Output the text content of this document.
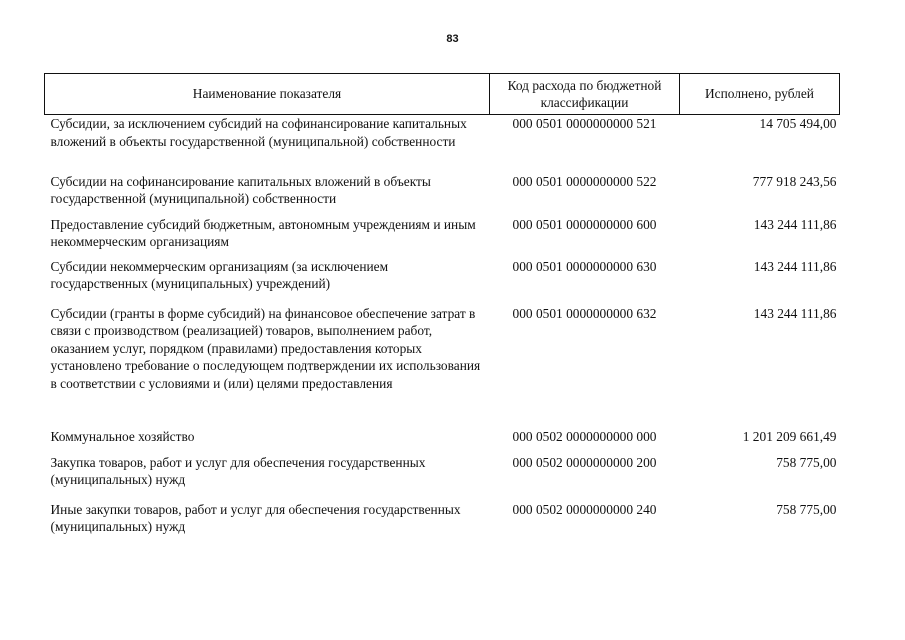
83
Наименование показателя	Код расхода по бюджетной классификации	Исполнено, рублей
Субсидии, за исключением субсидий на софинансирование капитальных вложений в объекты государственной (муниципальной) собственности	000 0501 0000000000 521	14 705 494,00
Субсидии на софинансирование капитальных вложений в объекты государственной (муниципальной) собственности	000 0501 0000000000 522	777 918 243,56
Предоставление субсидий бюджетным, автономным учреждениям и иным некоммерческим организациям	000 0501 0000000000 600	143 244 111,86
Субсидии некоммерческим организациям (за исключением государственных (муниципальных) учреждений)	000 0501 0000000000 630	143 244 111,86
Субсидии (гранты в форме субсидий) на финансовое обеспечение затрат в связи с производством (реализацией) товаров, выполнением работ, оказанием услуг, порядком (правилами) предоставления которых установлено требование о последующем подтверждении их использования в соответствии с условиями и (или) целями предоставления	000 0501 0000000000 632	143 244 111,86
Коммунальное хозяйство	000 0502 0000000000 000	1 201 209 661,49
Закупка товаров, работ и услуг для обеспечения государственных (муниципальных) нужд	000 0502 0000000000 200	758 775,00
Иные закупки товаров, работ и услуг для обеспечения государственных (муниципальных) нужд	000 0502 0000000000 240	758 775,00
